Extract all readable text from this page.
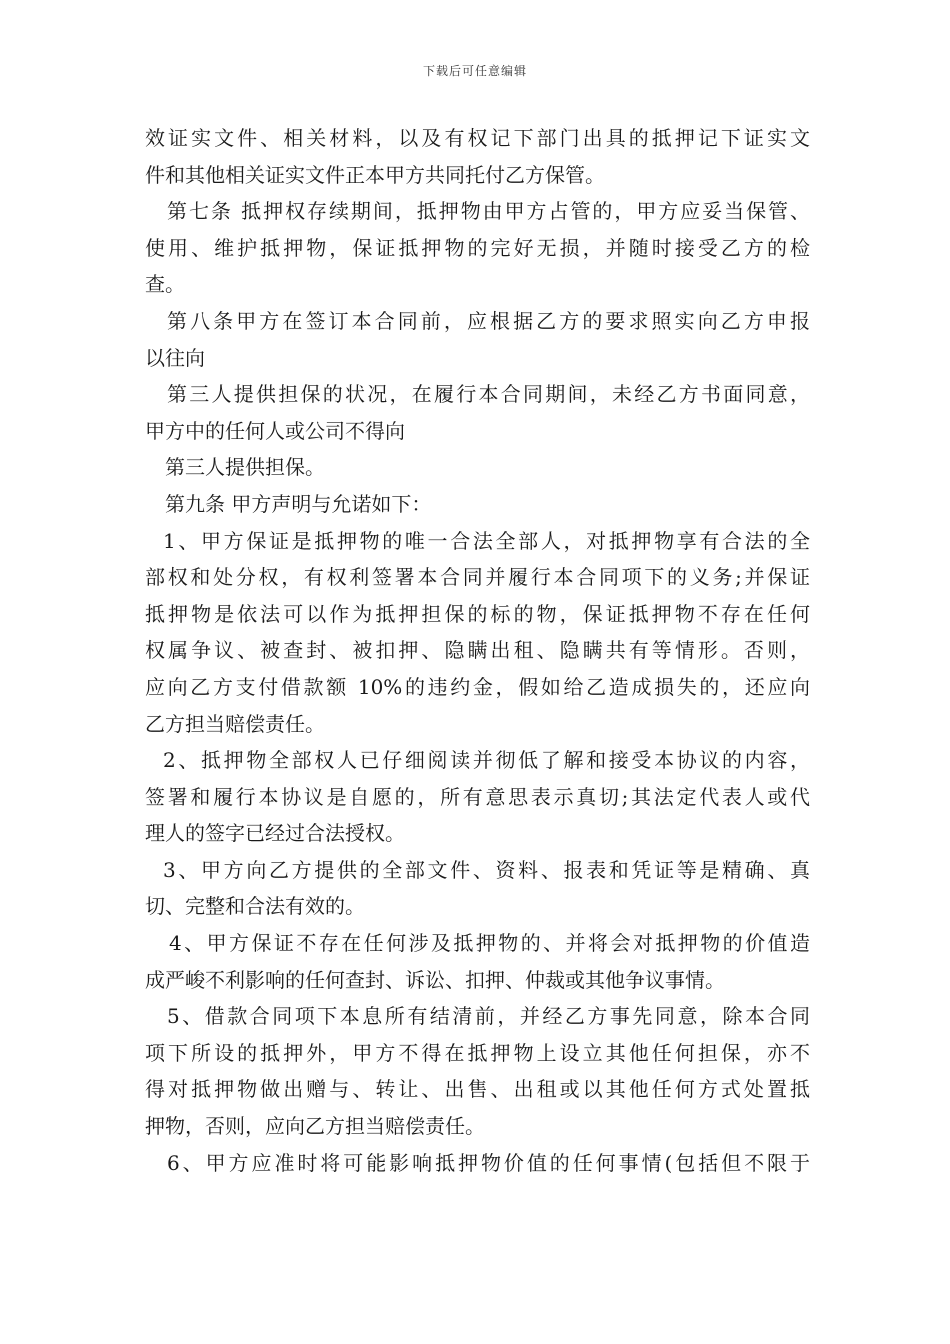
下载后可任意编辑
效证实文件、相关材料，以及有权记下部门出具的抵押记下证实文
件和其他相关证实文件正本甲方共同托付乙方保管。
第七条 抵押权存续期间，抵押物由甲方占管的，甲方应妥当保管、
使用、维护抵押物，保证抵押物的完好无损，并随时接受乙方的检
查。
第八条甲方在签订本合同前，应根据乙方的要求照实向乙方申报
以往向
第三人提供担保的状况，在履行本合同期间，未经乙方书面同意，
甲方中的任何人或公司不得向
第三人提供担保。
第九条 甲方声明与允诺如下：
1、甲方保证是抵押物的唯一合法全部人，对抵押物享有合法的全
部权和处分权，有权利签署本合同并履行本合同项下的义务;并保证
抵押物是依法可以作为抵押担保的标的物，保证抵押物不存在任何
权属争议、被查封、被扣押、隐瞒出租、隐瞒共有等情形。否则，
应向乙方支付借款额 10%的违约金，假如给乙造成损失的，还应向
乙方担当赔偿责任。
2、抵押物全部权人已仔细阅读并彻低了解和接受本协议的内容，
签署和履行本协议是自愿的，所有意思表示真切;其法定代表人或代
理人的签字已经过合法授权。
3、甲方向乙方提供的全部文件、资料、报表和凭证等是精确、真
切、完整和合法有效的。
4、甲方保证不存在任何涉及抵押物的、并将会对抵押物的价值造
成严峻不利影响的任何查封、诉讼、扣押、仲裁或其他争议事情。
5、借款合同项下本息所有结清前，并经乙方事先同意，除本合同
项下所设的抵押外，甲方不得在抵押物上设立其他任何担保，亦不
得对抵押物做出赠与、转让、出售、出租或以其他任何方式处置抵
押物，否则，应向乙方担当赔偿责任。
6、甲方应准时将可能影响抵押物价值的任何事情(包括但不限于
